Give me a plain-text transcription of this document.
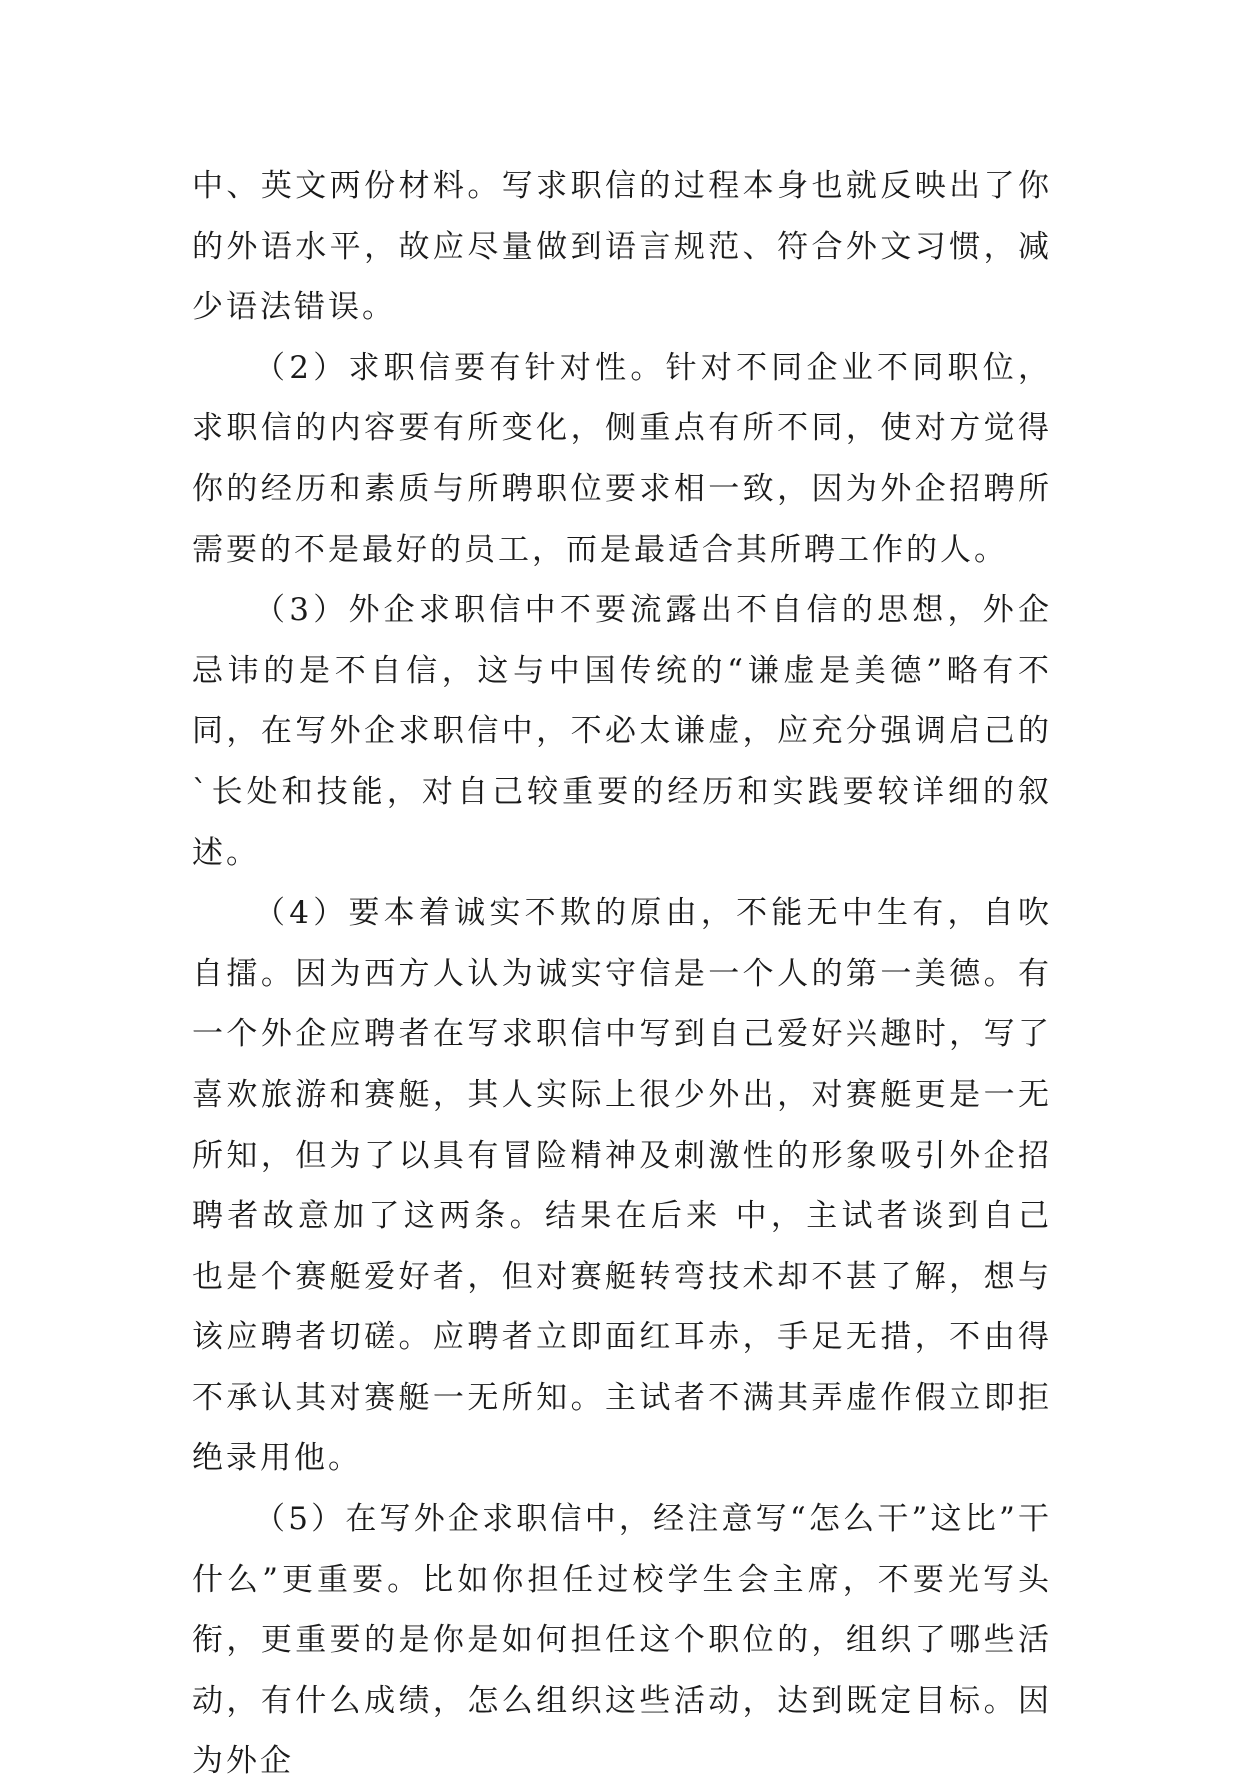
中、英文两份材料。写求职信的过程本身也就反映出了你的外语水平，故应尽量做到语言规范、符合外文习惯，减少语法错误。

（2）求职信要有针对性。针对不同企业不同职位，求职信的内容要有所变化，侧重点有所不同，使对方觉得你的经历和素质与所聘职位要求相一致，因为外企招聘所需要的不是最好的员工，而是最适合其所聘工作的人。

（3）外企求职信中不要流露出不自信的思想，外企忌讳的是不自信，这与中国传统的“谦虚是美德”略有不同，在写外企求职信中，不必太谦虚，应充分强调启己的`长处和技能，对自己较重要的经历和实践要较详细的叙述。

（4）要本着诚实不欺的原由，不能无中生有，自吹自擂。因为西方人认为诚实守信是一个人的第一美德。有一个外企应聘者在写求职信中写到自己爱好兴趣时，写了喜欢旅游和赛艇，其人实际上很少外出，对赛艇更是一无所知，但为了以具有冒险精神及刺激性的形象吸引外企招聘者故意加了这两条。结果在后来 中，主试者谈到自己也是个赛艇爱好者，但对赛艇转弯技术却不甚了解，想与该应聘者切磋。应聘者立即面红耳赤，手足无措，不由得不承认其对赛艇一无所知。主试者不满其弄虚作假立即拒绝录用他。

（5）在写外企求职信中，经注意写“怎么干”这比”干什么”更重要。比如你担任过校学生会主席，不要光写头衔，更重要的是你是如何担任这个职位的，组织了哪些活动，有什么成绩，怎么组织这些活动，达到既定目标。因为外企
